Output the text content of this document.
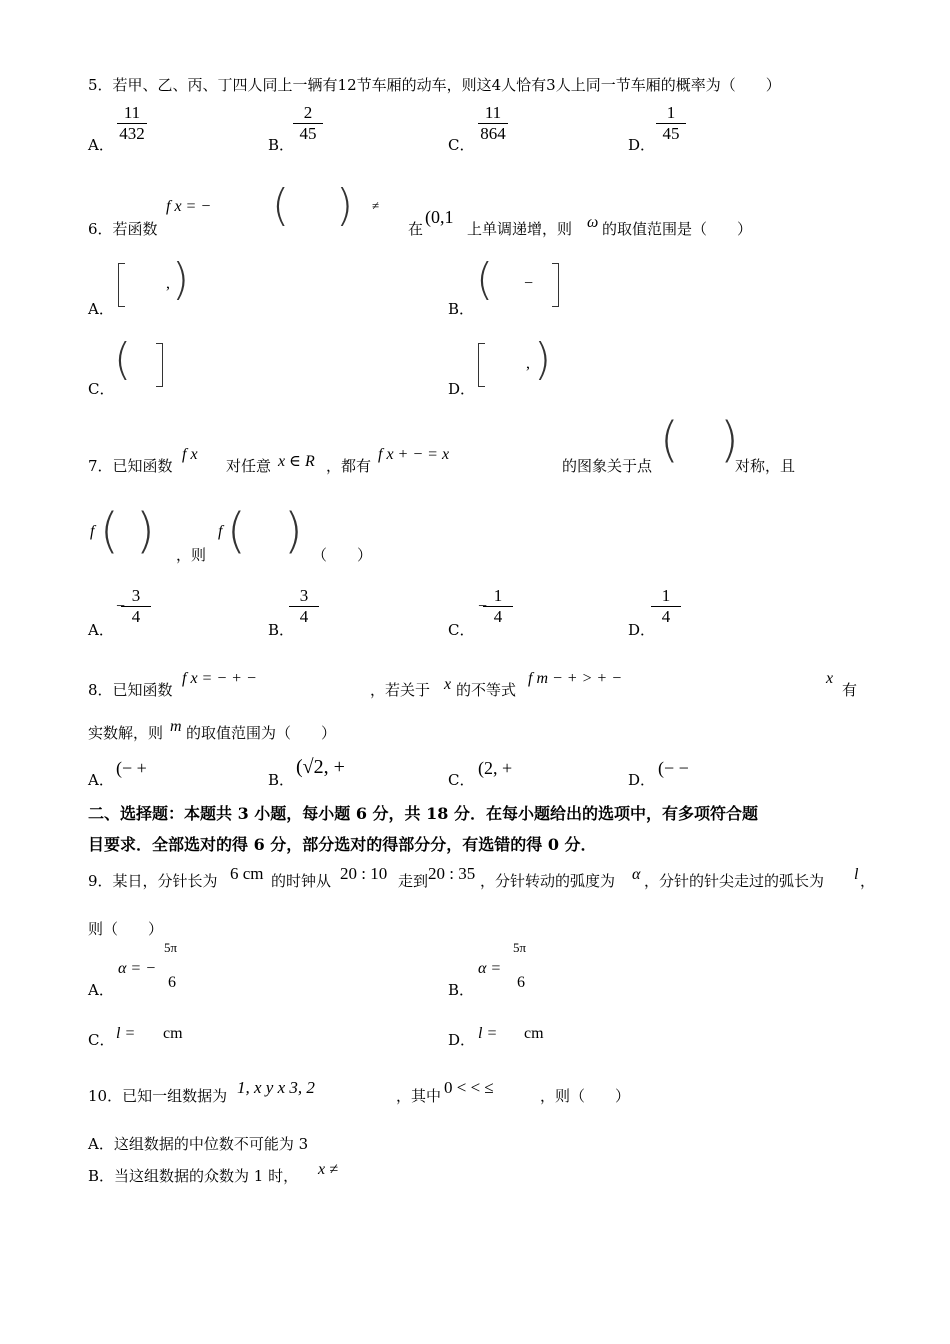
5．若甲、乙、丙、丁四人同上一辆有12节车厢的动车，则这4人恰有3人上同一节车厢的概率为（　　）
A．
11
432
B．
2
45
C．
11
864
D．
1
45
6．若函数
f x = − ( ) ≠
在
(0,1
上单调递增，则 ω 的取值范围是（　　）
A．
, )
B．
( −
C．
(
D．
, )
7．已知函数
f x
对任意 x ∈ R ，都有
f x + − = x
的图象关于点 ( )
对称，且
f ( )	f ( )
，则	（　　）
A．
−
3
4
B．
3
4
C．
−
1
4
D．
1
4
8．已知函数
f x = − + −
，若关于 x 的不等式
f m − + > + −	x
有
实数解，则 m 的取值范围为（　　）
A．
(− +
B．
(√2, +
C．
(2, +
D．
(− −
二、选择题：本题共 3 小题，每小题 6 分，共 18 分．在每小题给出的选项中，有多项符合题
目要求．全部选对的得 6 分，部分选对的得部分分，有选错的得 0 分．
9．某日，分针长为 6 cm 的时钟从 20 : 10 走到 20 : 35 ，分针转动的弧度为 α ，分针的针尖走过的弧长为 l ，
则（　　）
A．
α = −
5π
6	B．
α =
5π
6
C． l = cm	D． l = cm
10．已知一组数据为 1, x y x 3, 2	，其中 0 < < ≤	，则（　　）
A．这组数据的中位数不可能为 3
B．当这组数据的众数为 1 时， x ≠
